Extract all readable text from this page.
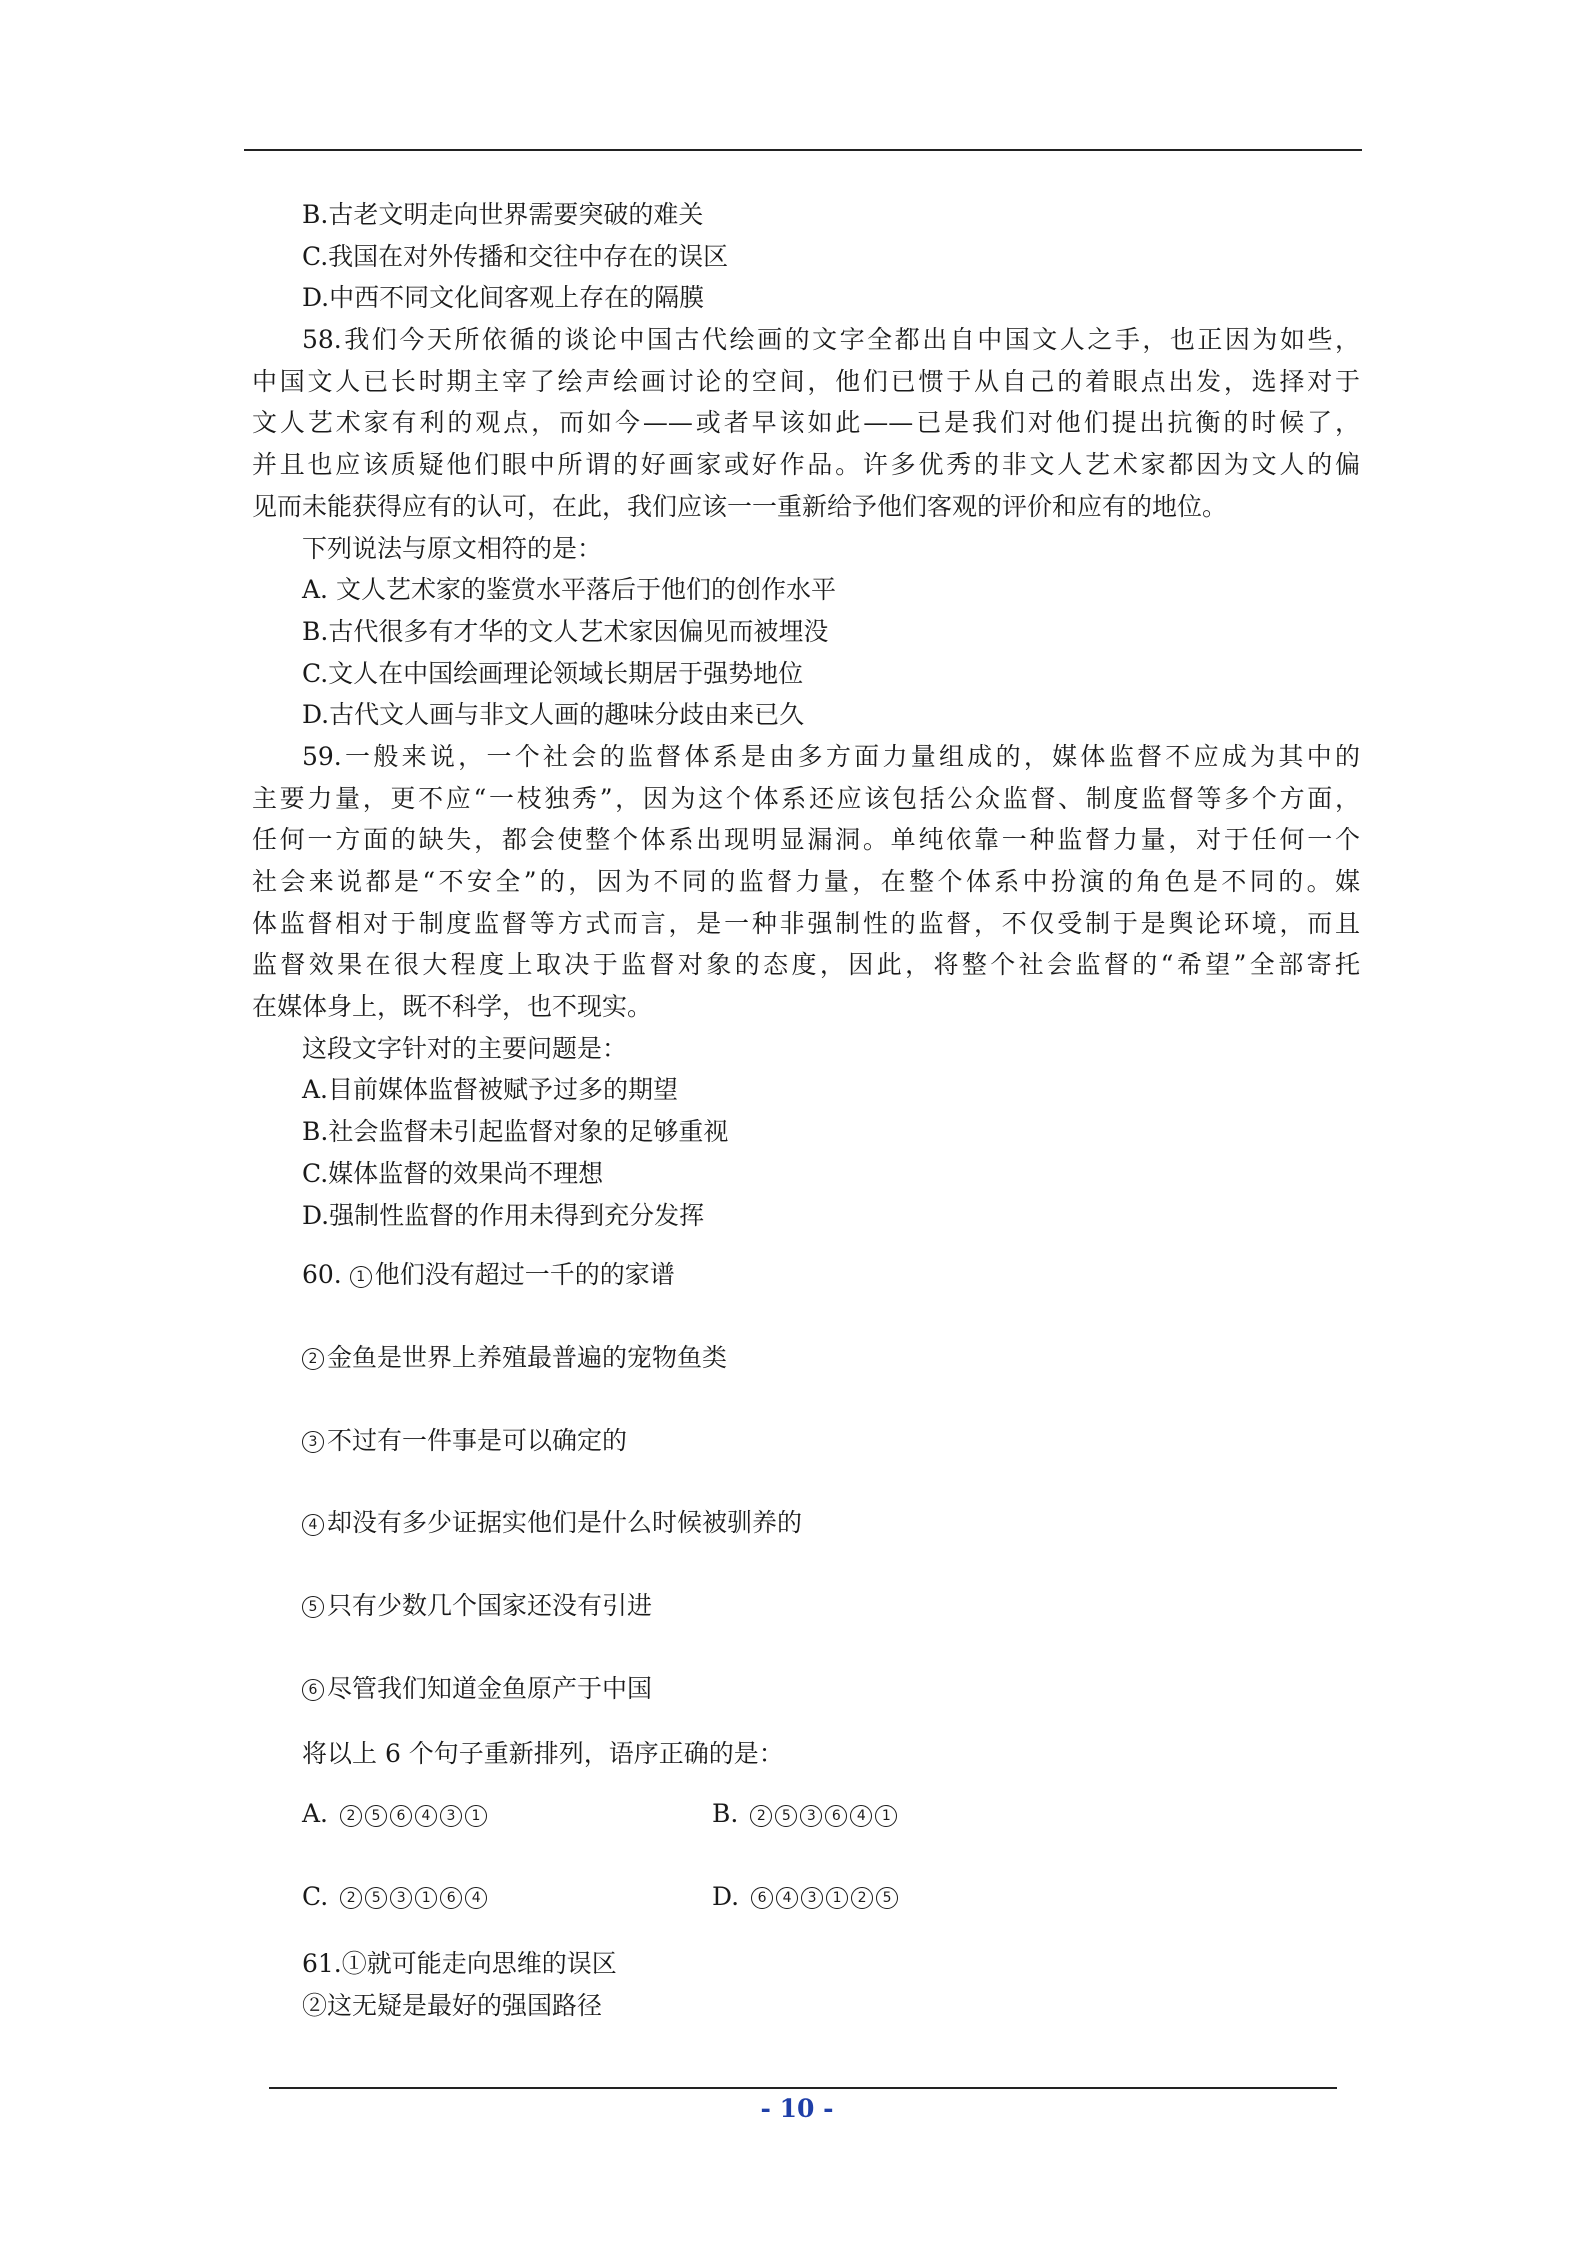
B.古老文明走向世界需要突破的难关
C.我国在对外传播和交往中存在的误区
D.中西不同文化间客观上存在的隔膜
58.我们今天所依循的谈论中国古代绘画的文字全都出自中国文人之手，也正因为如些，
中国文人已长时期主宰了绘声绘画讨论的空间，他们已惯于从自己的着眼点出发，选择对于
文人艺术家有利的观点，而如今——或者早该如此——已是我们对他们提出抗衡的时候了，
并且也应该质疑他们眼中所谓的好画家或好作品。许多优秀的非文人艺术家都因为文人的偏
见而未能获得应有的认可，在此，我们应该一一重新给予他们客观的评价和应有的地位。
下列说法与原文相符的是：
A. 文人艺术家的鉴赏水平落后于他们的创作水平
B.古代很多有才华的文人艺术家因偏见而被埋没
C.文人在中国绘画理论领域长期居于强势地位
D.古代文人画与非文人画的趣味分歧由来已久
59.一般来说，一个社会的监督体系是由多方面力量组成的，媒体监督不应成为其中的
主要力量，更不应“一枝独秀”，因为这个体系还应该包括公众监督、制度监督等多个方面，
任何一方面的缺失，都会使整个体系出现明显漏洞。单纯依靠一种监督力量，对于任何一个
社会来说都是“不安全”的，因为不同的监督力量，在整个体系中扮演的角色是不同的。媒
体监督相对于制度监督等方式而言，是一种非强制性的监督，不仅受制于是舆论环境，而且
监督效果在很大程度上取决于监督对象的态度，因此，将整个社会监督的“希望”全部寄托
在媒体身上，既不科学，也不现实。
这段文字针对的主要问题是：
A.目前媒体监督被赋予过多的期望
B.社会监督未引起监督对象的足够重视
C.媒体监督的效果尚不理想
D.强制性监督的作用未得到充分发挥
60. 1 他们没有超过一千的的家谱
2 金鱼是世界上养殖最普遍的宠物鱼类
3 不过有一件事是可以确定的
4 却没有多少证据实他们是什么时候被驯养的
5 只有少数几个国家还没有引进
6 尽管我们知道金鱼原产于中国
将以上 6 个句子重新排列，语序正确的是：
A. 2 5 6 4 3 1	B. 2 5 3 6 4 1
C. 2 5 3 1 6 4	D. 6 4 3 1 2 5
61.①就可能走向思维的误区
②这无疑是最好的强国路径
- 10 -
